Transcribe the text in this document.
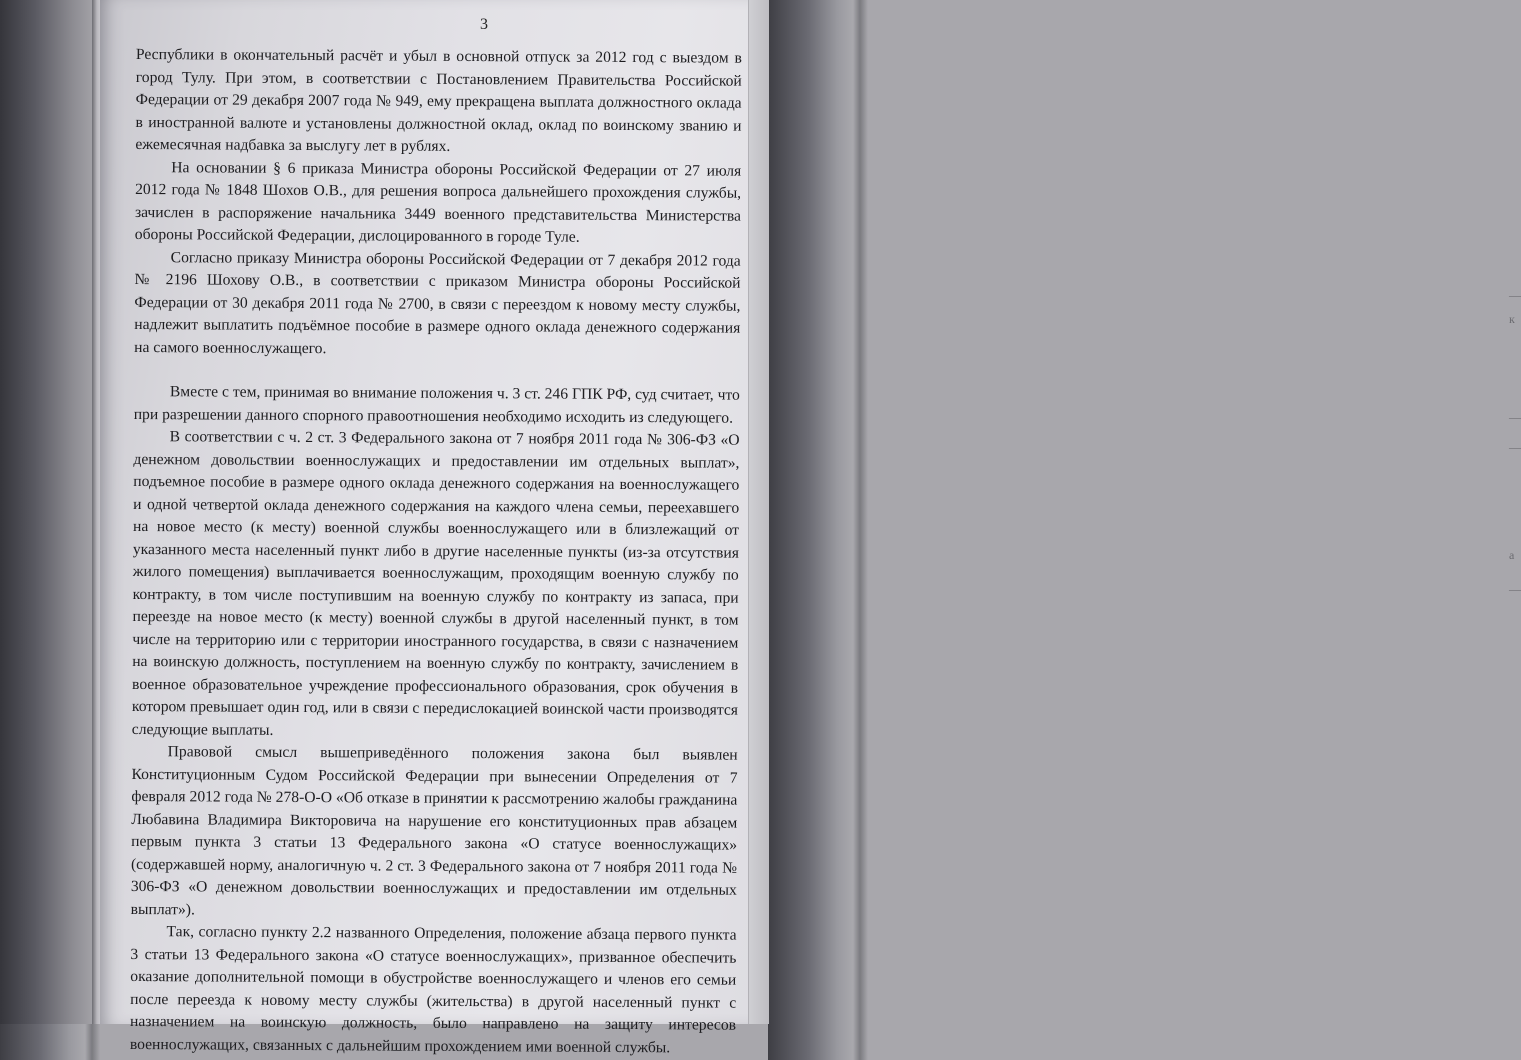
3

Республики в окончательный расчёт и убыл в основной отпуск за 2012 год с выездом в город Тулу. При этом, в соответствии с Постановлением Правительства Российской Федерации от 29 декабря 2007 года № 949, ему прекращена выплата должностного оклада в иностранной валюте и установлены должностной оклад, оклад по воинскому званию и ежемесячная надбавка за выслугу лет в рублях.

На основании § 6 приказа Министра обороны Российской Федерации от 27 июля 2012 года № 1848 Шохов О.В., для решения вопроса дальнейшего прохождения службы, зачислен в распоряжение начальника 3449 военного представительства Министерства обороны Российской Федерации, дислоцированного в городе Туле.

Согласно приказу Министра обороны Российской Федерации от 7 декабря 2012 года № 2196 Шохову О.В., в соответствии с приказом Министра обороны Российской Федерации от 30 декабря 2011 года № 2700, в связи с переездом к новому месту службы, надлежит выплатить подъёмное пособие в размере одного оклада денежного содержания на самого военнослужащего.

Вместе с тем, принимая во внимание положения ч. 3 ст. 246 ГПК РФ, суд считает, что при разрешении данного спорного правоотношения необходимо исходить из следующего.

В соответствии с ч. 2 ст. 3 Федерального закона от 7 ноября 2011 года № 306-ФЗ «О денежном довольствии военнослужащих и предоставлении им отдельных выплат», подъемное пособие в размере одного оклада денежного содержания на военнослужащего и одной четвертой оклада денежного содержания на каждого члена семьи, переехавшего на новое место (к месту) военной службы военнослужащего или в близлежащий от указанного места населенный пункт либо в другие населенные пункты (из-за отсутствия жилого помещения) выплачивается военнослужащим, проходящим военную службу по контракту, в том числе поступившим на военную службу по контракту из запаса, при переезде на новое место (к месту) военной службы в другой населенный пункт, в том числе на территорию или с территории иностранного государства, в связи с назначением на воинскую должность, поступлением на военную службу по контракту, зачислением в военное образовательное учреждение профессионального образования, срок обучения в котором превышает один год, или в связи с передислокацией воинской части производятся следующие выплаты.

Правовой смысл вышеприведённого положения закона был выявлен Конституционным Судом Российской Федерации при вынесении Определения от 7 февраля 2012 года № 278-О-О «Об отказе в принятии к рассмотрению жалобы гражданина Любавина Владимира Викторовича на нарушение его конституционных прав абзацем первым пункта 3 статьи 13 Федерального закона «О статусе военнослужащих» (содержавшей норму, аналогичную ч. 2 ст. 3 Федерального закона от 7 ноября 2011 года № 306-ФЗ «О денежном довольствии военнослужащих и предоставлении им отдельных выплат»).

Так, согласно пункту 2.2 названного Определения, положение абзаца первого пункта 3 статьи 13 Федерального закона «О статусе военнослужащих», призванное обеспечить оказание дополнительной помощи в обустройстве военнослужащего и членов его семьи после переезда к новому месту службы (жительства) в другой населенный пункт с назначением на воинскую должность, было направлено на защиту интересов военнослужащих, связанных с дальнейшим прохождением ими военной службы.

—
к
—
—
а
—
